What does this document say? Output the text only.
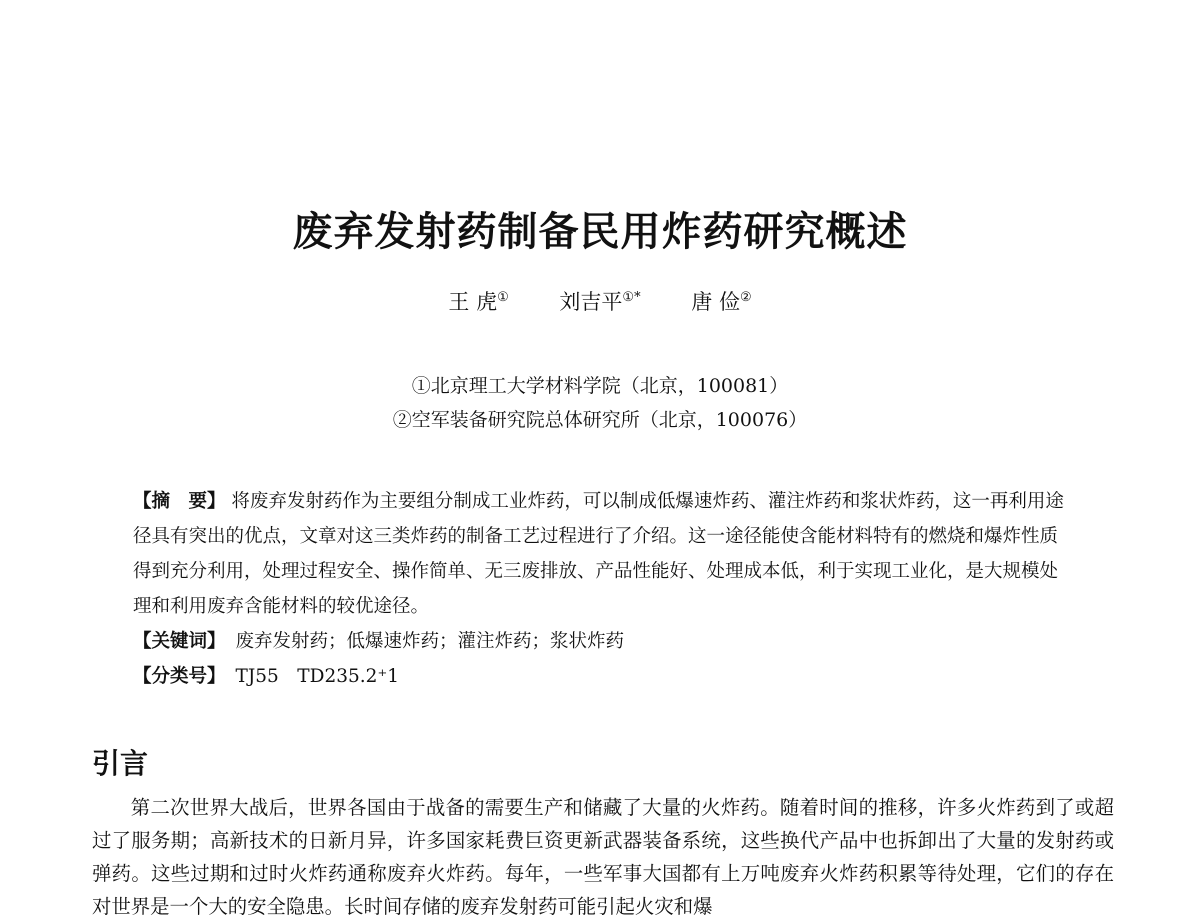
废弃发射药制备民用炸药研究概述
王 虎① 刘吉平①* 唐 俭②
①北京理工大学材料学院（北京，100081）
②空军装备研究院总体研究所（北京，100076）

【摘　要】 将废弃发射药作为主要组分制成工业炸药，可以制成低爆速炸药、灌注炸药和浆状炸药，这一再利用途径具有突出的优点，文章对这三类炸药的制备工艺过程进行了介绍。这一途径能使含能材料特有的燃烧和爆炸性质得到充分利用，处理过程安全、操作简单、无三废排放、产品性能好、处理成本低，利于实现工业化，是大规模处理和利用废弃含能材料的较优途径。

【关键词】 废弃发射药；低爆速炸药；灌注炸药；浆状炸药

【分类号】 TJ55　TD235.2⁺1

引言

第二次世界大战后，世界各国由于战备的需要生产和储藏了大量的火炸药。随着时间的推移，许多火炸药到了或超过了服务期；高新技术的日新月异，许多国家耗费巨资更新武器装备系统，这些换代产品中也拆卸出了大量的发射药或弹药。这些过期和过时火炸药通称废弃火炸药。每年，一些军事大国都有上万吨废弃火炸药积累等待处理，它们的存在对世界是一个大的安全隐患。长时间存储的废弃发射药可能引起火灾和爆
